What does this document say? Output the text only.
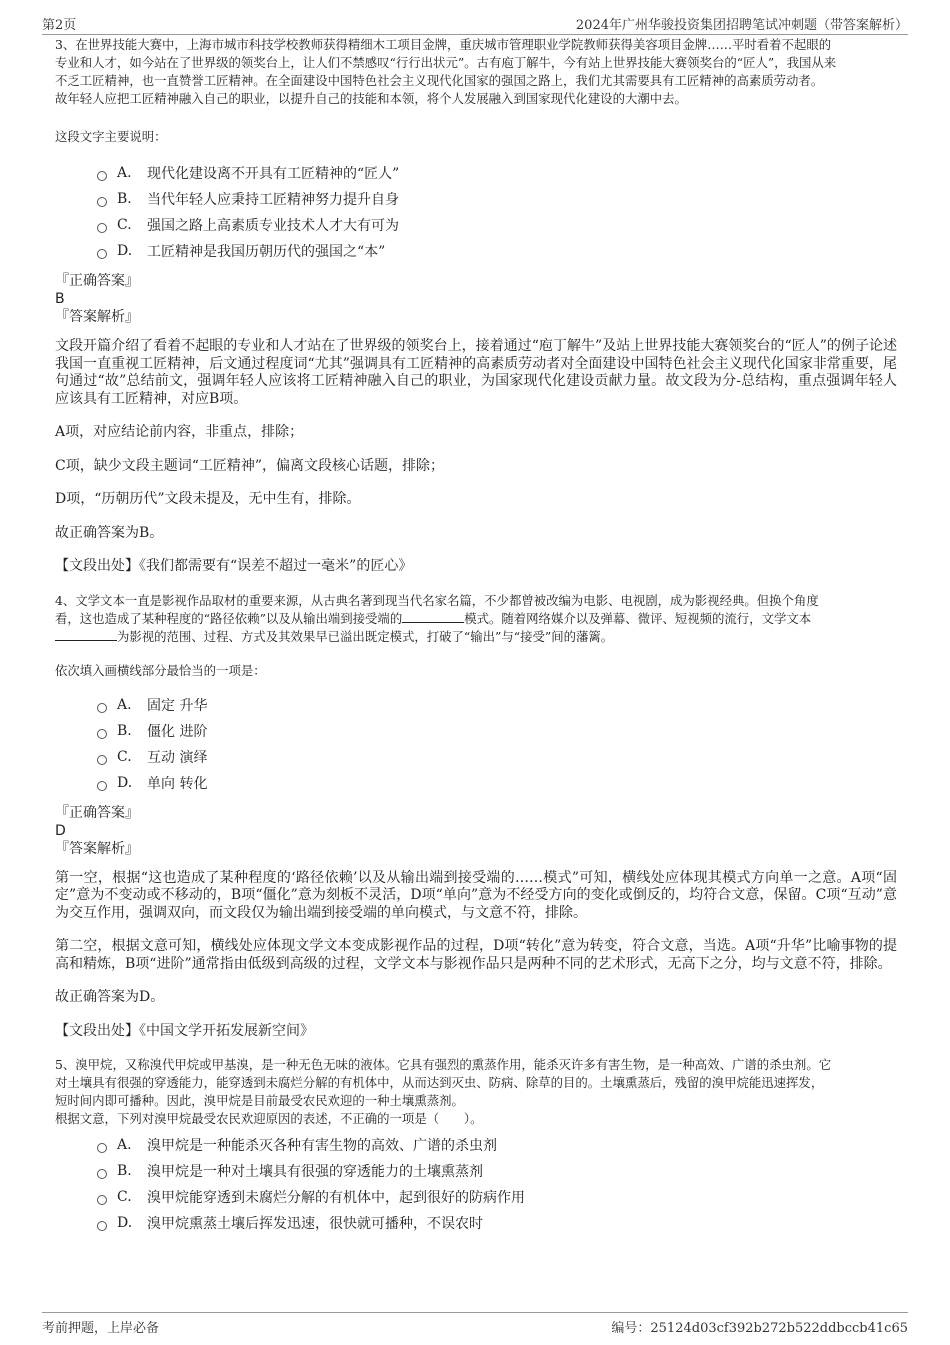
第2页	2024年广州华骏投资集团招聘笔试冲刺题（带答案解析）

3、在世界技能大赛中，上海市城市科技学校教师获得精细木工项目金牌，重庆城市管理职业学院教师获得美容项目金牌……平时看着不起眼的

专业和人才，如今站在了世界级的领奖台上，让人们不禁感叹“行行出状元”。古有庖丁解牛，今有站上世界技能大赛领奖台的“匠人”，我国从来

不乏工匠精神，也一直赞誉工匠精神。在全面建设中国特色社会主义现代化国家的强国之路上，我们尤其需要具有工匠精神的高素质劳动者。

故年轻人应把工匠精神融入自己的职业，以提升自己的技能和本领，将个人发展融入到国家现代化建设的大潮中去。

这段文字主要说明：

A.	现代化建设离不开具有工匠精神的“匠人”
B.	当代年轻人应秉持工匠精神努力提升自身
C.	强国之路上高素质专业技术人才大有可为
D.	工匠精神是我国历朝历代的强国之“本”

『正确答案』

B

『答案解析』

文段开篇介绍了看着不起眼的专业和人才站在了世界级的领奖台上，接着通过“庖丁解牛”及站上世界技能大赛领奖台的“匠人”的例子论述我国一直重视工匠精神，后文通过程度词“尤其”强调具有工匠精神的高素质劳动者对全面建设中国特色社会主义现代化国家非常重要，尾句通过“故”总结前文，强调年轻人应该将工匠精神融入自己的职业，为国家现代化建设贡献力量。故文段为分-总结构，重点强调年轻人应该具有工匠精神，对应B项。

A项，对应结论前内容，非重点，排除；

C项，缺少文段主题词“工匠精神”，偏离文段核心话题，排除；

D项，“历朝历代”文段未提及，无中生有，排除。

故正确答案为B。

【文段出处】《我们都需要有“误差不超过一毫米”的匠心》

4、文学文本一直是影视作品取材的重要来源，从古典名著到现当代名家名篇，不少都曾被改编为电影、电视剧，成为影视经典。但换个角度

看，这也造成了某种程度的“路径依赖”以及从输出端到接受端的	模式。随着网络媒介以及弹幕、微评、短视频的流行，文学文本

为影视的范围、过程、方式及其效果早已溢出既定模式，打破了“输出”与“接受”间的藩篱。

依次填入画横线部分最恰当的一项是：

A.	固定 升华
B.	僵化 进阶
C.	互动 演绎
D.	单向 转化

『正确答案』

D

『答案解析』

第一空，根据“这也造成了某种程度的‘路径依赖’以及从输出端到接受端的……模式”可知，横线处应体现其模式方向单一之意。A项“固定”意为不变动或不移动的，B项“僵化”意为刻板不灵活，D项“单向”意为不经受方向的变化或倒反的，均符合文意，保留。C项“互动”意为交互作用，强调双向，而文段仅为输出端到接受端的单向模式，与文意不符，排除。

第二空，根据文意可知，横线处应体现文学文本变成影视作品的过程，D项“转化”意为转变，符合文意，当选。A项“升华”比喻事物的提高和精炼，B项“进阶”通常指由低级到高级的过程，文学文本与影视作品只是两种不同的艺术形式，无高下之分，均与文意不符，排除。

故正确答案为D。

【文段出处】《中国文学开拓发展新空间》

5、溴甲烷，又称溴代甲烷或甲基溴，是一种无色无味的液体。它具有强烈的熏蒸作用，能杀灭许多有害生物，是一种高效、广谱的杀虫剂。它

对土壤具有很强的穿透能力，能穿透到未腐烂分解的有机体中，从而达到灭虫、防病、除草的目的。土壤熏蒸后，残留的溴甲烷能迅速挥发，

短时间内即可播种。因此，溴甲烷是目前最受农民欢迎的一种土壤熏蒸剂。

根据文意，下列对溴甲烷最受农民欢迎原因的表述，不正确的一项是（　　）。

A.	溴甲烷是一种能杀灭各种有害生物的高效、广谱的杀虫剂
B.	溴甲烷是一种对土壤具有很强的穿透能力的土壤熏蒸剂
C.	溴甲烷能穿透到未腐烂分解的有机体中，起到很好的防病作用
D.	溴甲烷熏蒸土壤后挥发迅速，很快就可播种，不误农时
考前押题，上岸必备	编号：25124d03cf392b272b522ddbccb41c65
